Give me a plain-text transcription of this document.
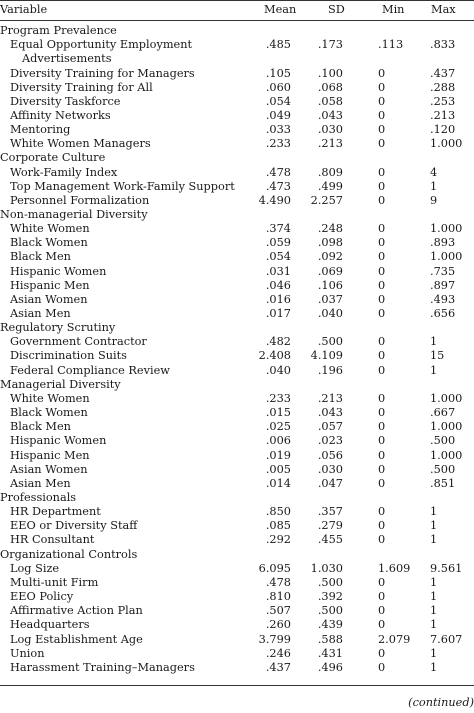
Variable	Mean	SD	Min Max
Program Prevalence
Equal Opportunity Employment	.485 .173	.113 .833
Advertisements
Diversity Training for Managers	.105 .100	0	.437
Diversity Training for All	.060 .068	0	.288
Diversity Taskforce	.054 .058	0	.253
Affinity Networks	.049 .043	0	.213
Mentoring	.033 .030	0	.120
White Women Managers	.233 .213	0	1.000
Corporate Culture
Work-Family Index	.478 .809	0	4
Top Management Work-Family Support	.473 .499	0	1
Personnel Formalization	4.490 2.257	0	9
Non-managerial Diversity
White Women	.374 .248	0	1.000
Black Women	.059 .098	0	.893
Black Men	.054 .092	0	1.000
Hispanic Women	.031 .069	0	.735
Hispanic Men	.046 .106	0	.897
Asian Women	.016 .037	0	.493
Asian Men	.017 .040	0	.656
Regulatory Scrutiny
Government Contractor	.482 .500	0	1
Discrimination Suits	2.408 4.109	0	15
Federal Compliance Review	.040 .196	0	1
Managerial Diversity
White Women	.233 .213	0	1.000
Black Women	.015 .043	0	.667
Black Men	.025 .057	0	1.000
Hispanic Women	.006 .023	0	.500
Hispanic Men	.019 .056	0	1.000
Asian Women	.005 .030	0	.500
Asian Men	.014 .047	0	.851
Professionals
HR Department	.850 .357	0	1
EEO or Diversity Staff	.085 .279	0	1
HR Consultant	.292 .455	0	1
Organizational Controls
Log Size	6.095 1.030	1.609 9.561
Multi-unit Firm	.478 .500	0	1
EEO Policy	.810 .392	0	1
Affirmative Action Plan	.507 .500	0	1
Headquarters	.260 .439	0	1
Log Establishment Age	3.799 .588	2.079 7.607
Union	.246 .431	0	1
Harassment Training–Managers	.437 .496	0	1
(continued)
